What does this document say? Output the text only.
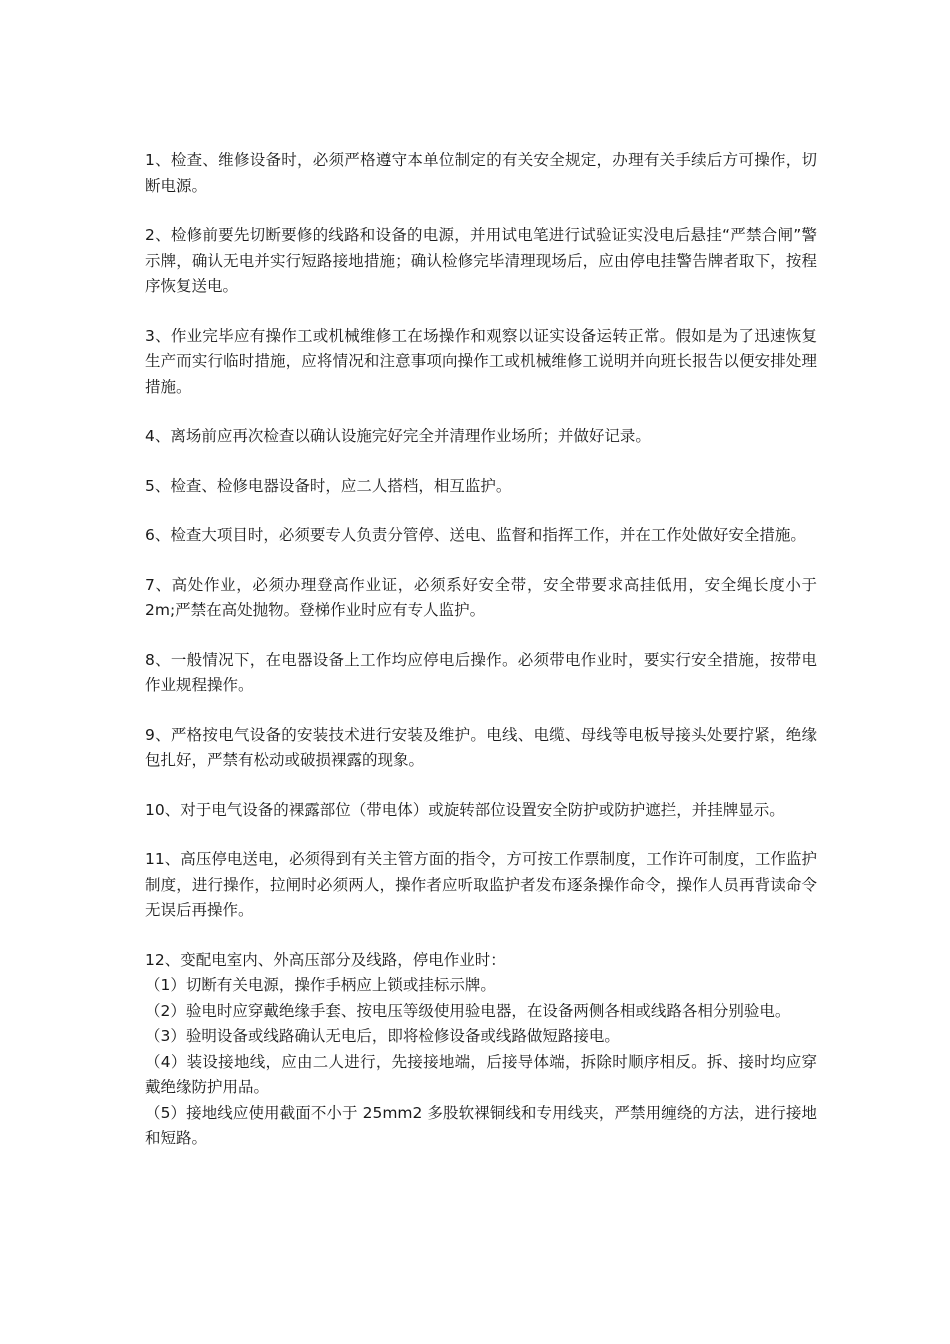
1、检查、维修设备时，必须严格遵守本单位制定的有关安全规定，办理有关手续后方可操作，切断电源。

2、检修前要先切断要修的线路和设备的电源，并用试电笔进行试验证实没电后悬挂“严禁合闸”警示牌，确认无电并实行短路接地措施；确认检修完毕清理现场后，应由停电挂警告牌者取下，按程序恢复送电。

3、作业完毕应有操作工或机械维修工在场操作和观察以证实设备运转正常。假如是为了迅速恢复生产而实行临时措施，应将情况和注意事项向操作工或机械维修工说明并向班长报告以便安排处理措施。

4、离场前应再次检查以确认设施完好完全并清理作业场所；并做好记录。

5、检查、检修电器设备时，应二人搭档，相互监护。

6、检查大项目时，必须要专人负责分管停、送电、监督和指挥工作，并在工作处做好安全措施。

7、高处作业，必须办理登高作业证，必须系好安全带，安全带要求高挂低用，安全绳长度小于 2m;严禁在高处抛物。登梯作业时应有专人监护。

8、一般情况下，在电器设备上工作均应停电后操作。必须带电作业时，要实行安全措施，按带电作业规程操作。

9、严格按电气设备的安装技术进行安装及维护。电线、电缆、母线等电板导接头处要拧紧，绝缘包扎好，严禁有松动或破损裸露的现象。

10、对于电气设备的裸露部位（带电体）或旋转部位设置安全防护或防护遮拦，并挂牌显示。

11、高压停电送电，必须得到有关主管方面的指令，方可按工作票制度，工作许可制度，工作监护制度，进行操作，拉闸时必须两人，操作者应听取监护者发布逐条操作命令，操作人员再背读命令无误后再操作。

12、变配电室内、外高压部分及线路，停电作业时：

（1）切断有关电源，操作手柄应上锁或挂标示牌。

（2）验电时应穿戴绝缘手套、按电压等级使用验电器，在设备两侧各相或线路各相分别验电。

（3）验明设备或线路确认无电后，即将检修设备或线路做短路接电。

（4）装设接地线，应由二人进行，先接接地端，后接导体端，拆除时顺序相反。拆、接时均应穿戴绝缘防护用品。

（5）接地线应使用截面不小于 25mm2 多股软裸铜线和专用线夹，严禁用缠绕的方法，进行接地和短路。
